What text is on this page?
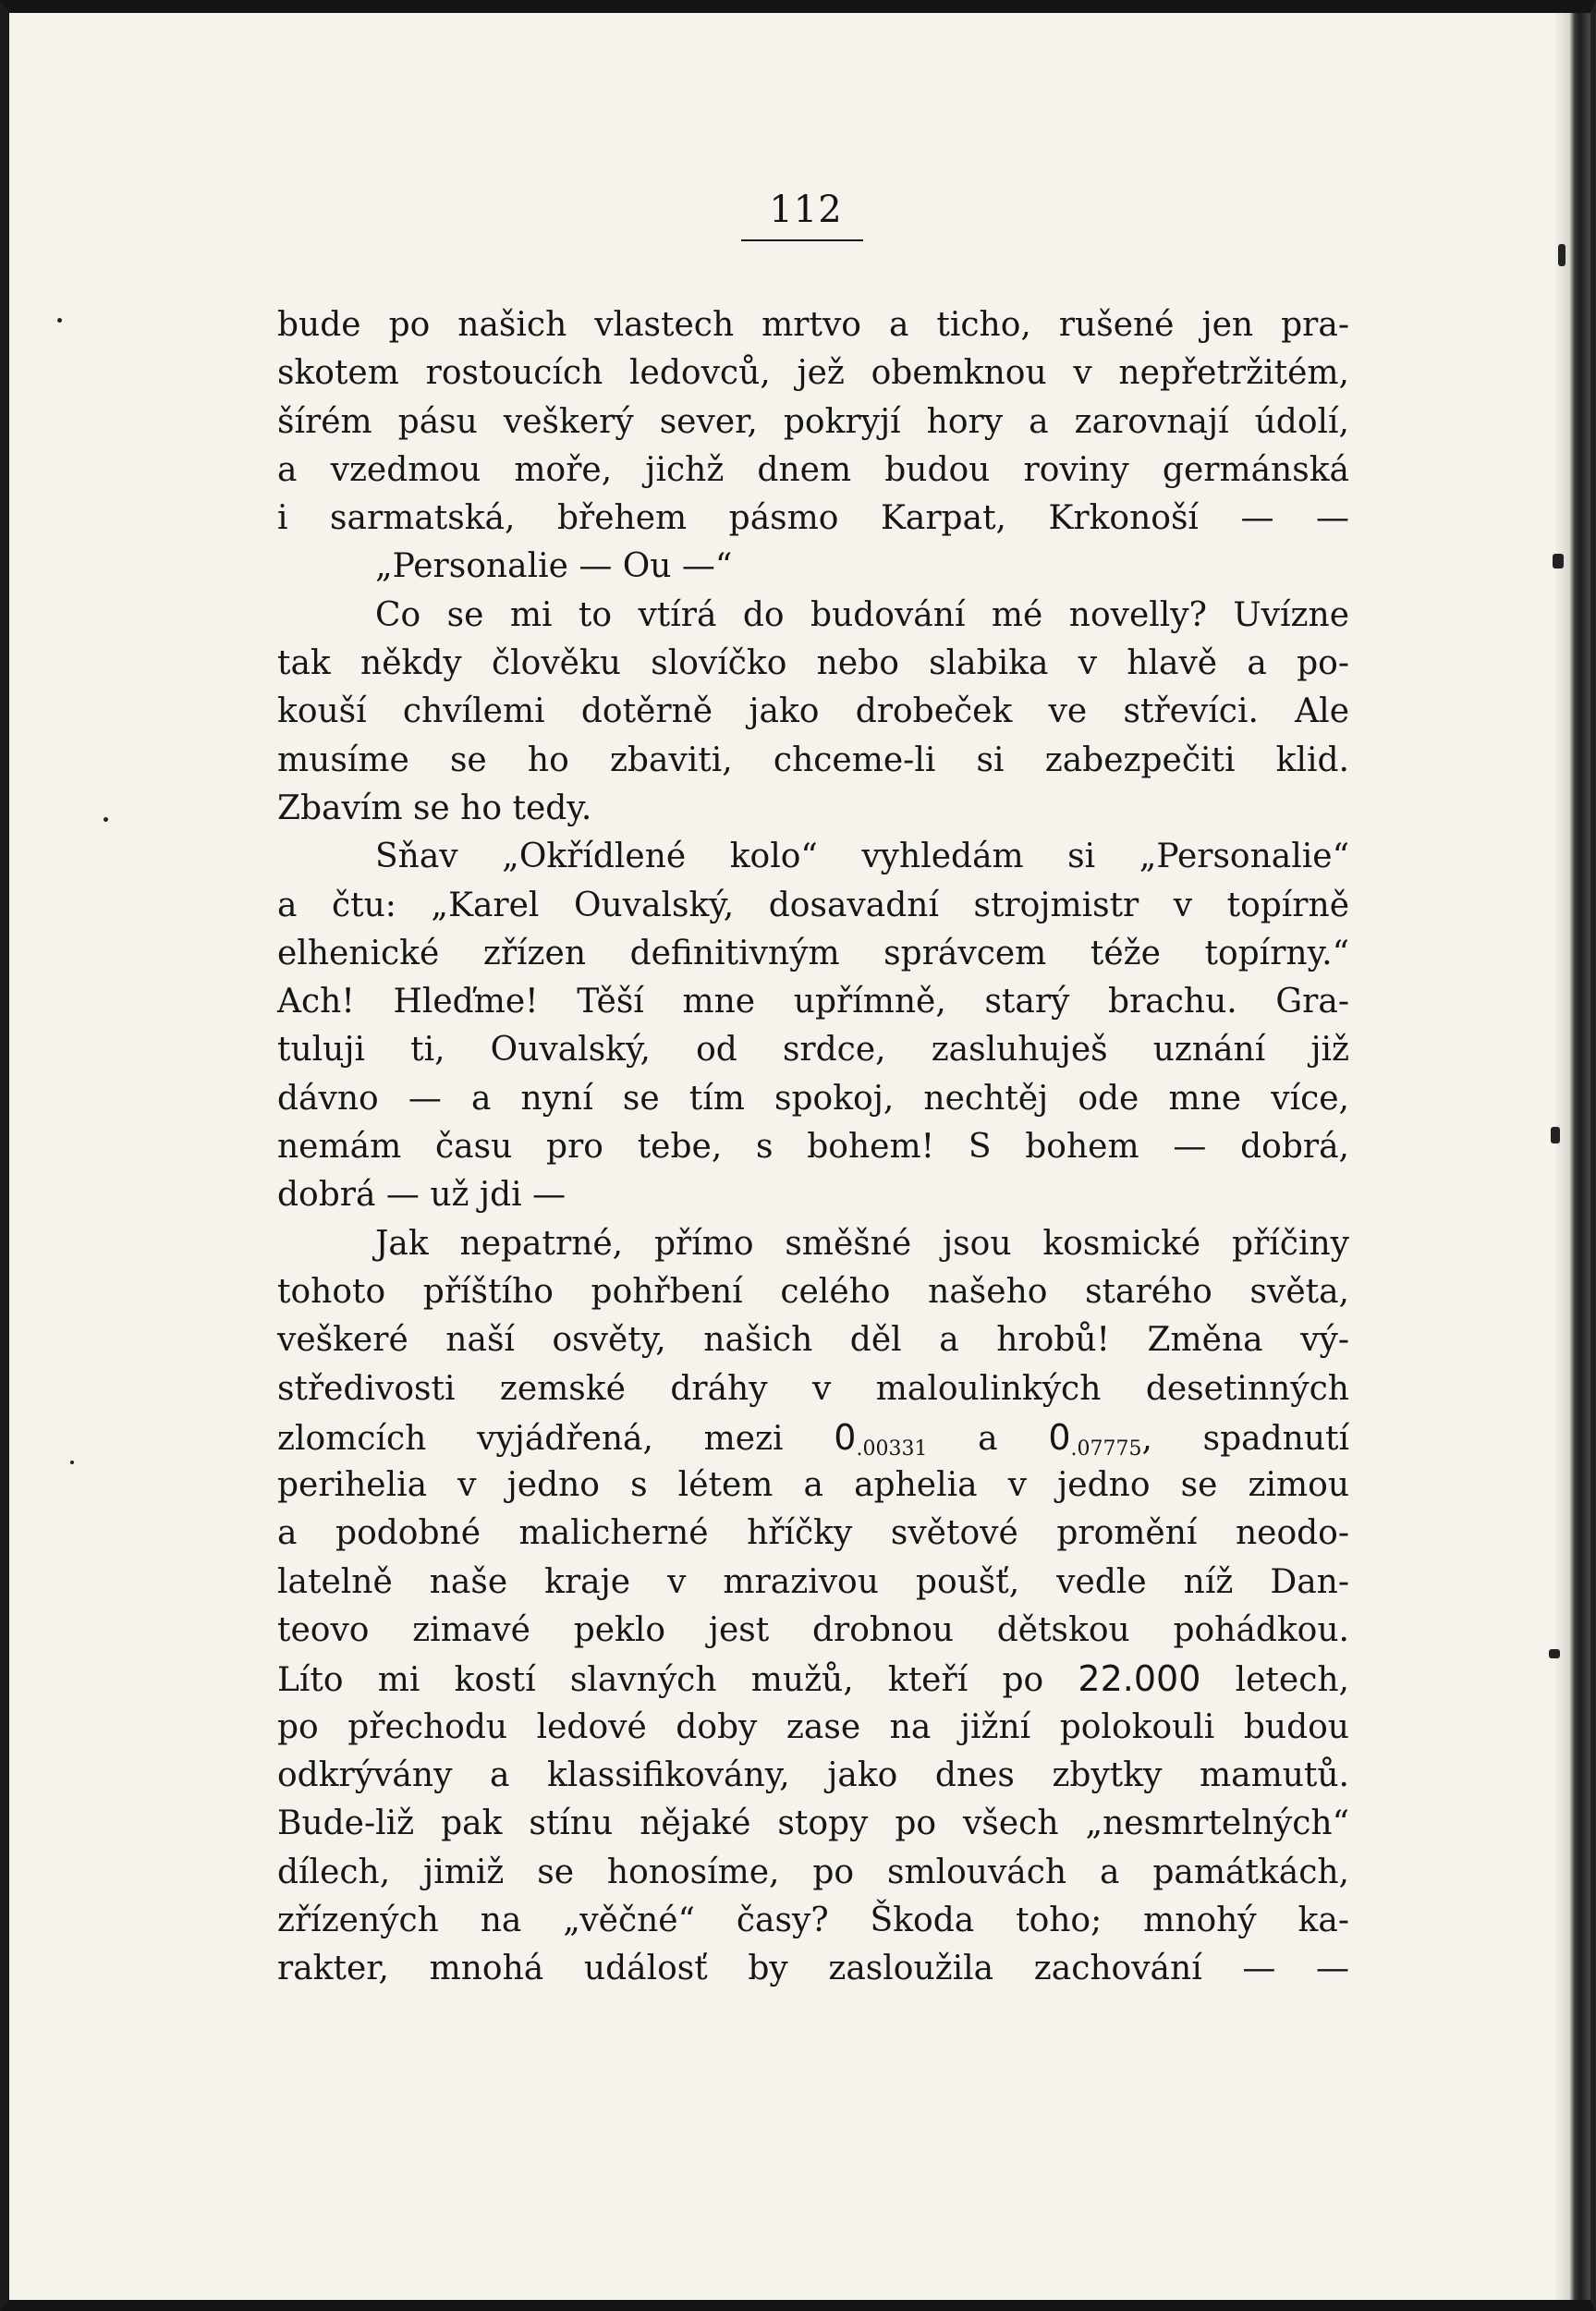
112
bude po našich vlastech mrtvo a ticho, rušené jen pra-
skotem rostoucích ledovců, jež obemknou v nepřetržitém,
šírém pásu veškerý sever, pokryjí hory a zarovnají údolí,
a vzedmou moře, jichž dnem budou roviny germánská
i sarmatská, břehem pásmo Karpat, Krkonoší — —
„Personalie — Ou —“
Co se mi to vtírá do budování mé novelly? Uvízne
tak někdy člověku slovíčko nebo slabika v hlavě a po-
kouší chvílemi dotěrně jako drobeček ve střevíci. Ale
musíme se ho zbaviti, chceme-li si zabezpečiti klid.
Zbavím se ho tedy.
Sňav „Okřídlené kolo“ vyhledám si „Personalie“
a čtu: „Karel Ouvalský, dosavadní strojmistr v topírně
elhenické zřízen definitivným správcem téže topírny.“
Ach! Hleďme! Těší mne upřímně, starý brachu. Gra-
tuluji ti, Ouvalský, od srdce, zasluhuješ uznání již
dávno — a nyní se tím spokoj, nechtěj ode mne více,
nemám času pro tebe, s bohem! S bohem — dobrá,
dobrá — už jdi —
Jak nepatrné, přímo směšné jsou kosmické příčiny
tohoto příštího pohřbení celého našeho starého světa,
veškeré naší osvěty, našich děl a hrobů! Změna vý-
středivosti zemské dráhy v maloulinkých desetinných
zlomcích vyjádřená, mezi $0_{.00331}$ a $0_{.07775}$, spadnutí
perihelia v jedno s létem a aphelia v jedno se zimou
a podobné malicherné hříčky světové promění neodo-
latelně naše kraje v mrazivou poušť, vedle níž Dan-
teovo zimavé peklo jest drobnou dětskou pohádkou.
Líto mi kostí slavných mužů, kteří po 22.000 letech,
po přechodu ledové doby zase na jižní polokouli budou
odkrývány a klassifikovány, jako dnes zbytky mamutů.
Bude-liž pak stínu nějaké stopy po všech „nesmrtelných“
dílech, jimiž se honosíme, po smlouvách a památkách,
zřízených na „věčné“ časy? Škoda toho; mnohý ka-
rakter, mnohá událosť by zasloužila zachování — —
